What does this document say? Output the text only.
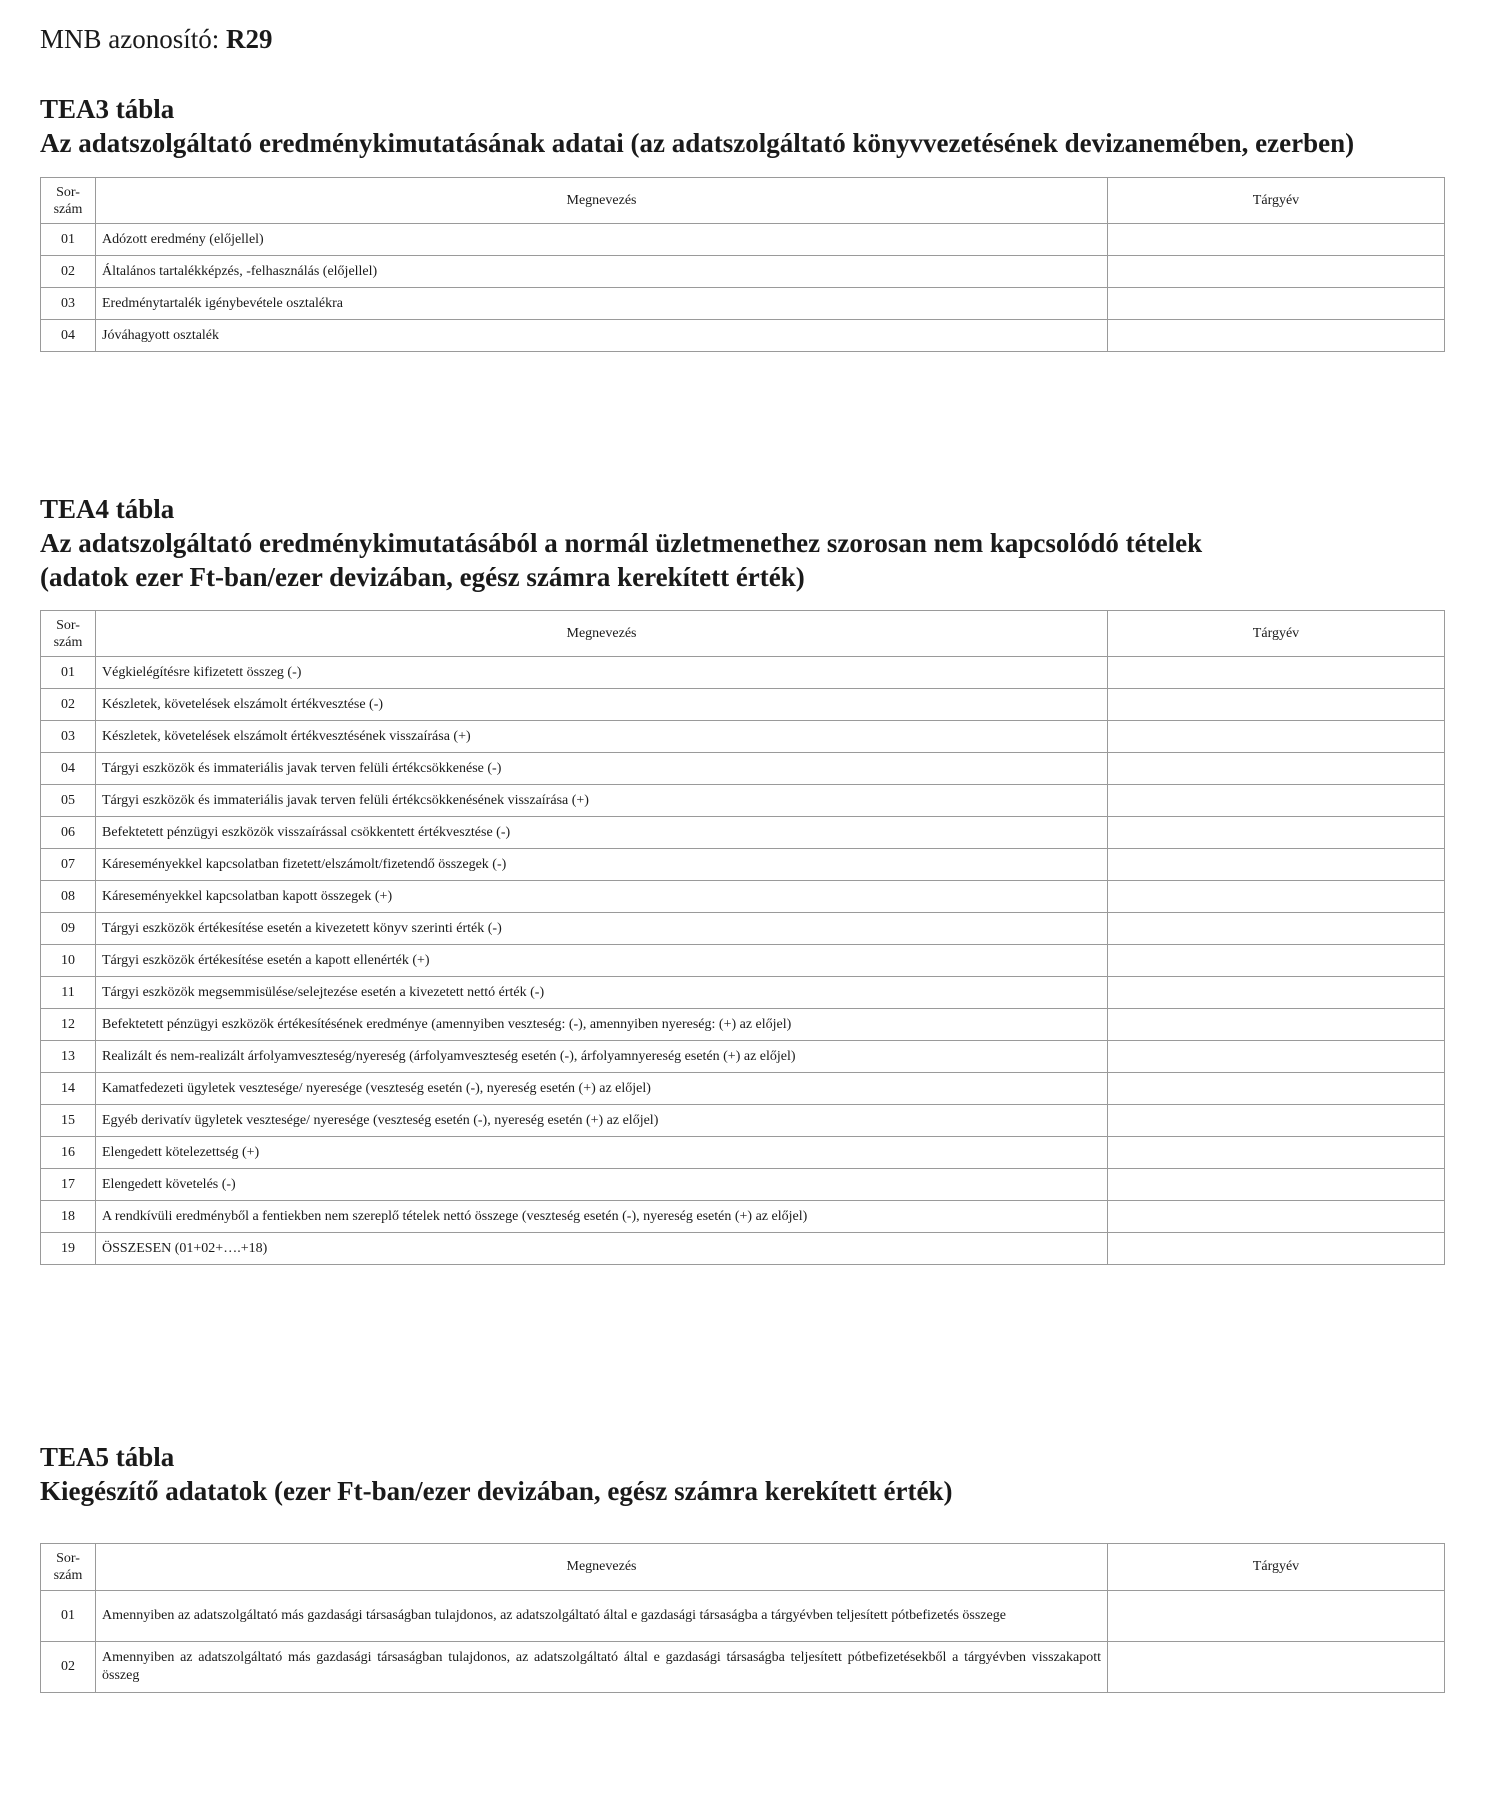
MNB azonosító: R29
TEA3 tábla
Az adatszolgáltató eredménykimutatásának adatai (az adatszolgáltató könyvvezetésének devizanemében, ezerben)
Sor-
szám	Megnevezés	Tárgyév
01	Adózott eredmény (előjellel)	
02	Általános tartalékképzés, -felhasználás (előjellel)	
03	Eredménytartalék igénybevétele osztalékra	
04	Jóváhagyott osztalék	
TEA4 tábla
Az adatszolgáltató eredménykimutatásából a normál üzletmenethez szorosan nem kapcsolódó tételek
(adatok ezer Ft-ban/ezer devizában, egész számra kerekített érték)
Sor-
szám	Megnevezés	Tárgyév
01	Végkielégítésre kifizetett összeg (-)	
02	Készletek, követelések elszámolt értékvesztése (-)	
03	Készletek, követelések elszámolt értékvesztésének visszaírása (+)	
04	Tárgyi eszközök és immateriális javak terven felüli értékcsökkenése (-)	
05	Tárgyi eszközök és immateriális javak terven felüli értékcsökkenésének visszaírása (+)	
06	Befektetett pénzügyi eszközök visszaírással csökkentett értékvesztése (-)	
07	Káreseményekkel kapcsolatban fizetett/elszámolt/fizetendő összegek (-)	
08	Káreseményekkel kapcsolatban kapott összegek (+)	
09	Tárgyi eszközök értékesítése esetén a kivezetett könyv szerinti érték (-)	
10	Tárgyi eszközök értékesítése esetén a kapott ellenérték (+)	
11	Tárgyi eszközök megsemmisülése/selejtezése esetén a kivezetett nettó érték (-)	
12	Befektetett pénzügyi eszközök értékesítésének eredménye (amennyiben veszteség: (-), amennyiben nyereség: (+) az előjel)	
13	Realizált és nem-realizált árfolyamveszteség/nyereség (árfolyamveszteség esetén (-), árfolyamnyereség esetén (+) az előjel)	
14	Kamatfedezeti ügyletek vesztesége/ nyeresége (veszteség esetén (-), nyereség esetén (+) az előjel)	
15	Egyéb derivatív ügyletek vesztesége/ nyeresége (veszteség esetén (-), nyereség esetén (+) az előjel)	
16	Elengedett kötelezettség (+)	
17	Elengedett követelés (-)	
18	A rendkívüli eredményből a fentiekben nem szereplő tételek nettó összege (veszteség esetén (-), nyereség esetén (+) az előjel)	
19	ÖSSZESEN (01+02+….+18)	
TEA5 tábla
Kiegészítő adatatok (ezer Ft-ban/ezer devizában, egész számra kerekített érték)
Sor-
szám	Megnevezés	Tárgyév
01	Amennyiben az adatszolgáltató más gazdasági társaságban tulajdonos, az adatszolgáltató által e gazdasági társaságba a tárgyévben teljesített pótbefizetés összege	
02	Amennyiben az adatszolgáltató más gazdasági társaságban tulajdonos, az adatszolgáltató által e gazdasági társaságba teljesített pótbefizetésekből a tárgyévben visszakapott összeg	
